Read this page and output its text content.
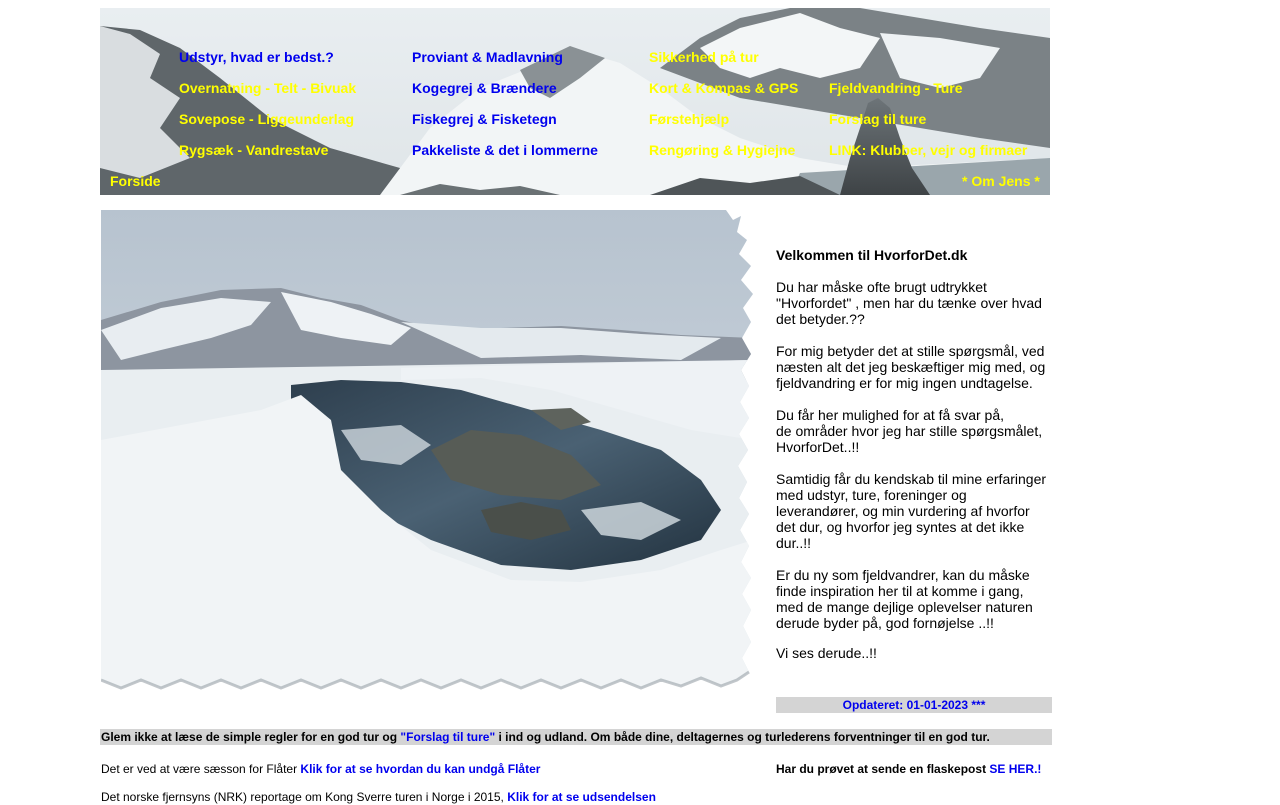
Udstyr, hvad er bedst.?
Overnatning - Telt - Bivuak
Sovepose - Liggeunderlag
Rygsæk - Vandrestave
Forside
Proviant & Madlavning
Kogegrej & Brændere
Fiskegrej & Fisketegn
Pakkeliste & det i lommerne
Sikkerhed på tur
Kort & Kompas & GPS
Førstehjælp
Rengøring & Hygiejne
Fjeldvandring - Ture
Forslag til ture
LINK: Klubber, vejr og firmaer
* Om Jens *
Velkommen til HvorforDet.dk

Du har måske ofte brugt udtrykket "Hvorfordet" , men har du tænke over hvad det betyder.??

For mig betyder det at stille spørgsmål, ved næsten alt det jeg beskæftiger mig med, og fjeldvandring er for mig ingen undtagelse.

Du får her mulighed for at få svar på,
de områder hvor jeg har stille spørgsmålet, HvorforDet..!!

Samtidig får du kendskab til mine erfaringer med udstyr, ture, foreninger og leverandører, og min vurdering af hvorfor det dur, og hvorfor jeg syntes at det ikke dur..!!

Er du ny som fjeldvandrer, kan du måske finde inspiration her til at komme i gang, med de mange dejlige oplevelser naturen derude byder på, god fornøjelse ..!!

Vi ses derude..!!

Opdateret: 01-01-2023 ***
Glem ikke at læse de simple regler for en god tur og "Forslag til ture" i ind og udland. Om både dine, deltagernes og turlederens forventninger til en god tur.
Det er ved at være sæsson for Flåter Klik for at se hvordan du kan undgå Flåter	Har du prøvet at sende en flaskepost SE HER.!
Det norske fjernsyns (NRK) reportage om Kong Sverre turen i Norge i 2015, Klik for at se udsendelsen
